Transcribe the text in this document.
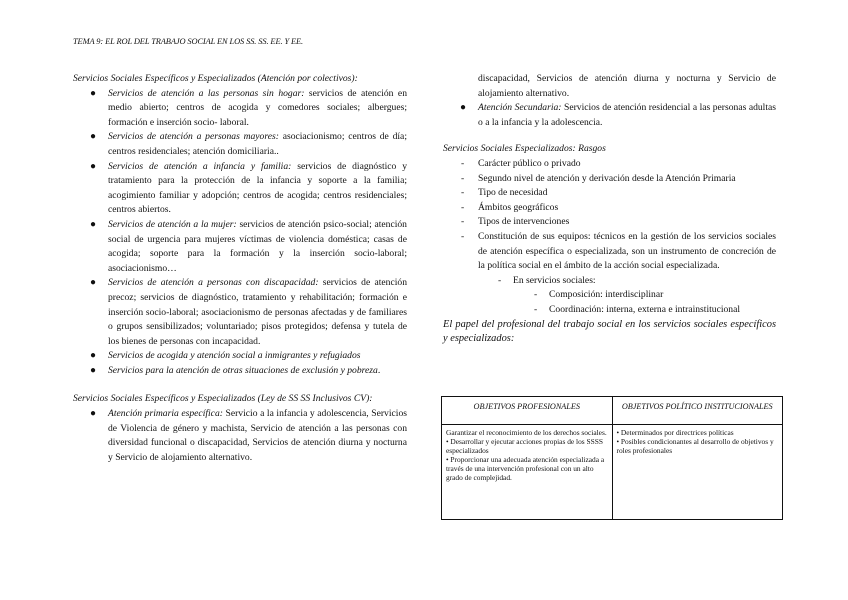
TEMA 9: EL ROL DEL TRABAJO SOCIAL EN LOS SS. SS. EE. Y EE.
Servicios Sociales Específicos y Especializados (Atención por colectivos):
● Servicios de atención a las personas sin hogar: servicios de atención en medio abierto; centros de acogida y comedores sociales; albergues; formación e inserción socio- laboral.
● Servicios de atención a personas mayores: asociacionismo; centros de día; centros residenciales; atención domiciliaria..
● Servicios de atención a infancia y familia: servicios de diagnóstico y tratamiento para la protección de la infancia y soporte a la familia; acogimiento familiar y adopción; centros de acogida; centros residenciales; centros abiertos.
● Servicios de atención a la mujer: servicios de atención psico-social; atención social de urgencia para mujeres víctimas de violencia doméstica; casas de acogida; soporte para la formación y la inserción socio-laboral; asociacionismo…
● Servicios de atención a personas con discapacidad: servicios de atención precoz; servicios de diagnóstico, tratamiento y rehabilitación; formación e inserción socio-laboral; asociacionismo de personas afectadas y de familiares o grupos sensibilizados; voluntariado; pisos protegidos; defensa y tutela de los bienes de personas con incapacidad.
● Servicios de acogida y atención social a inmigrantes y refugiados
● Servicios para la atención de otras situaciones de exclusión y pobreza.
Servicios Sociales Específicos y Especializados (Ley de SS SS Inclusivos CV):
● Atención primaria específica: Servicio a la infancia y adolescencia, Servicios de Violencia de género y machista, Servicio de atención a las personas con diversidad funcional o discapacidad, Servicios de atención diurna y nocturna y Servicio de alojamiento alternativo.
discapacidad, Servicios de atención diurna y nocturna y Servicio de alojamiento alternativo.
● Atención Secundaria: Servicios de atención residencial a las personas adultas o a la infancia y la adolescencia.
Servicios Sociales Especializados: Rasgos
- Carácter público o privado
- Segundo nivel de atención y derivación desde la Atención Primaria
- Tipo de necesidad
- Ámbitos geográficos
- Tipos de intervenciones
- Constitución de sus equipos: técnicos en la gestión de los servicios sociales de atención específica o especializada, son un instrumento de concreción de la política social en el ámbito de la acción social especializada.
- En servicios sociales:
- Composición: interdisciplinar
- Coordinación: interna, externa e intrainstitucional
El papel del profesional del trabajo social en los servicios sociales específicos y especializados:
OBJETIVOS PROFESIONALES	OBJETIVOS POLÍTICO INSTITUCIONALES

Garantizar el reconocimiento de los derechos sociales.
• Desarrollar y ejecutar acciones propias de los SSSS especializados
• Proporcionar una adecuada atención especializada a través de una intervención profesional con un alto grado de complejidad.	• Determinados por directrices políticas
• Posibles condicionantes al desarrollo de objetivos y roles profesionales
